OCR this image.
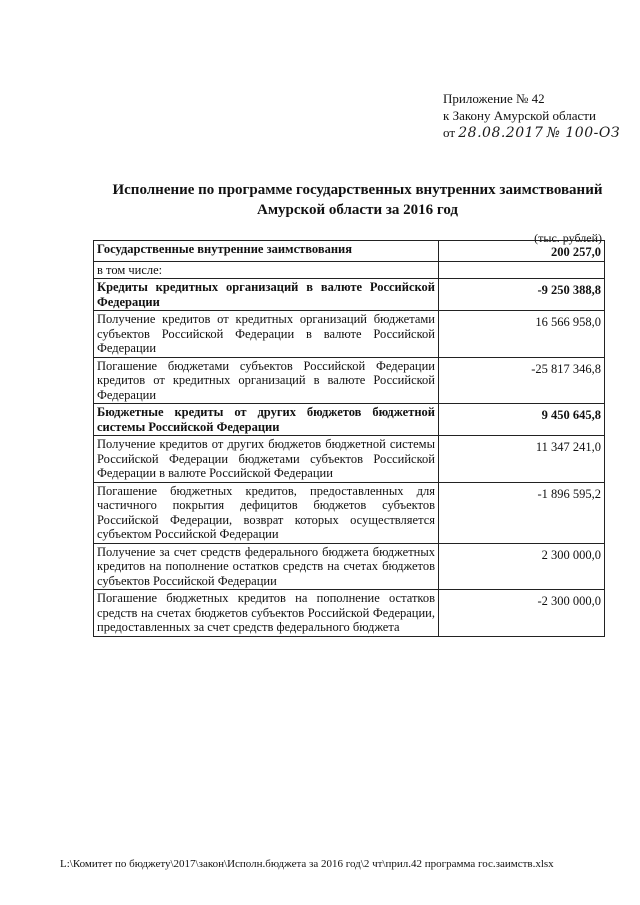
Приложение № 42
к Закону Амурской области
от 28.08.2017 № 100-ОЗ
Исполнение по программе государственных внутренних заимствований
Амурской области за 2016 год
(тыс. рублей)
Государственные внутренние заимствования	200 257,0
в том числе:	
Кредиты кредитных организаций в валюте Российской Федерации	-9 250 388,8
Получение кредитов от кредитных организаций бюджетами субъектов Российской Федерации в валюте Российской Федерации	16 566 958,0
Погашение бюджетами субъектов Российской Федерации кредитов от кредитных организаций в валюте Российской Федерации	-25 817 346,8
Бюджетные кредиты от других бюджетов бюджетной системы Российской Федерации	9 450 645,8
Получение кредитов от других бюджетов бюджетной системы Российской Федерации бюджетами субъектов Российской Федерации в валюте Российской Федерации	11 347 241,0
Погашение бюджетных кредитов, предоставленных для частичного покрытия дефицитов бюджетов субъектов Российской Федерации, возврат которых осуществляется субъектом Российской Федерации	-1 896 595,2
Получение за счет средств федерального бюджета бюджетных кредитов на пополнение остатков средств на счетах бюджетов субъектов Российской Федерации	2 300 000,0
Погашение бюджетных кредитов на пополнение остатков средств на счетах бюджетов субъектов Российской Федерации, предоставленных за счет средств федерального бюджета	-2 300 000,0
L:\Комитет по бюджету\2017\закон\Исполн.бюджета за 2016 год\2 чт\прил.42 программа гос.заимств.xlsx
